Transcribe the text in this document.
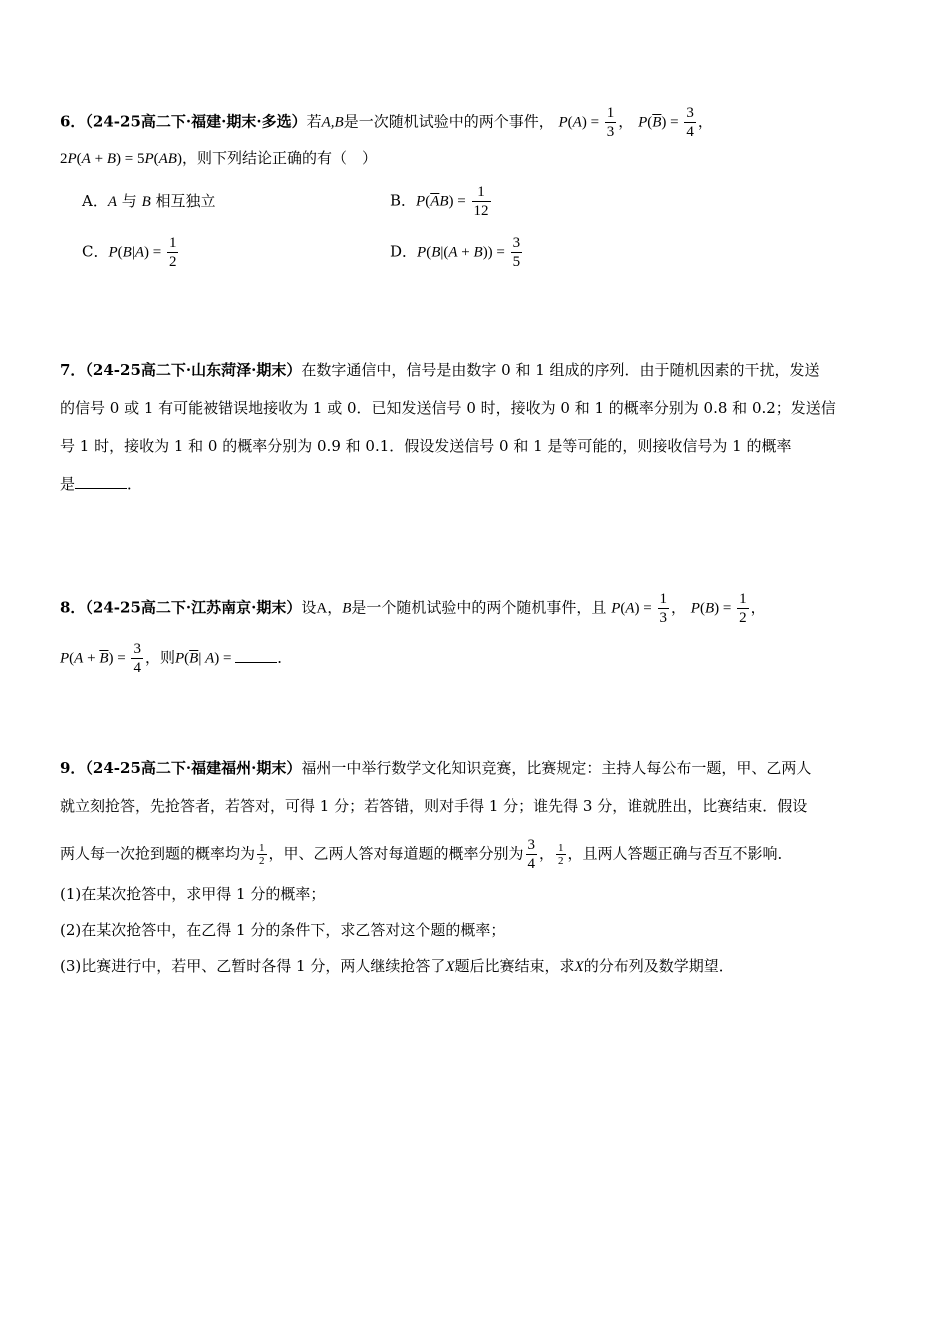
6．（24-25高二下·福建·期末·多选）若A,B是一次随机试验中的两个事件， $P(A) = \frac{1}{3}$ ， $P(\overline{B}) = \frac{3}{4}$ ，
2P(A + B) = 5P(AB)，则下列结论正确的有（　）
A．A 与 B 相互独立	B．$P(\overline{A}B) = \frac{1}{12}$
C．$P(B|A) = \frac{1}{2}$	D．$P(B|(A + B)) = \frac{3}{5}$
7．（24-25高二下·山东菏泽·期末）在数字通信中，信号是由数字 0 和 1 组成的序列．由于随机因素的干扰，发送
的信号 0 或 1 有可能被错误地接收为 1 或 0．已知发送信号 0 时，接收为 0 和 1 的概率分别为 0.8 和 0.2；发送信
号 1 时，接收为 1 和 0 的概率分别为 0.9 和 0.1．假设发送信号 0 和 1 是等可能的，则接收信号为 1 的概率
是	．
8．（24-25高二下·江苏南京·期末）设A，B是一个随机试验中的两个随机事件，且 $P(A) = \frac{1}{3}$ ， $P(B) = \frac{1}{2}$ ，
$P(A + \overline{B}) = \frac{3}{4}$ ，则$P(\overline{B}|$ A) =	．
9．（24-25高二下·福建福州·期末）福州一中举行数学文化知识竞赛，比赛规定：主持人每公布一题，甲、乙两人
就立刻抢答，先抢答者，若答对，可得 1 分；若答错，则对手得 1 分；谁先得 3 分，谁就胜出，比赛结束．假设
两人每一次抢到题的概率均为 $\frac{1}{2}$ ，甲、乙两人答对每道题的概率分别为 $\frac{3}{4}$ ， $\frac{1}{2}$ ，且两人答题正确与否互不影响．
(1)在某次抢答中，求甲得 1 分的概率；
(2)在某次抢答中，在乙得 1 分的条件下，求乙答对这个题的概率；
(3)比赛进行中，若甲、乙暂时各得 1 分，两人继续抢答了X题后比赛结束，求X的分布列及数学期望．
